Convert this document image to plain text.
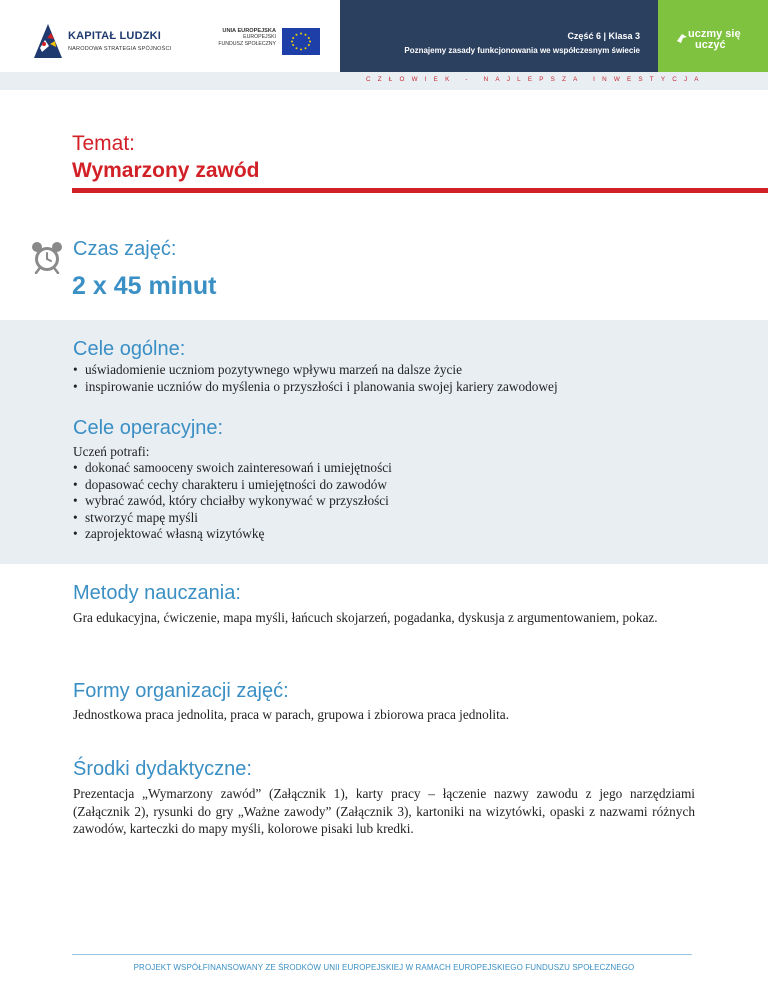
KAPITAŁ LUDZKI
NARODOWA STRATEGIA SPÓJNOŚCI
UNIA EUROPEJSKA
EUROPEJSKI
FUNDUSZ SPOŁECZNY
Część 6 | Klasa 3
Poznajemy zasady funkcjonowania we współczesnym świecie
uczmy się
uczyć
CZŁOWIEK - NAJLEPSZA INWESTYCJA
Temat:
Wymarzony zawód
Czas zajęć:
2 x 45 minut
Cele ogólne:
• uświadomienie uczniom pozytywnego wpływu marzeń na dalsze życie
• inspirowanie uczniów do myślenia o przyszłości i planowania swojej kariery zawodowej
Cele operacyjne:
Uczeń potrafi:
• dokonać samooceny swoich zainteresowań i umiejętności
• dopasować cechy charakteru i umiejętności do zawodów
• wybrać zawód, który chciałby wykonywać w przyszłości
• stworzyć mapę myśli
• zaprojektować własną wizytówkę
Metody nauczania:
Gra edukacyjna, ćwiczenie, mapa myśli, łańcuch skojarzeń, pogadanka, dyskusja z argumentowaniem, pokaz.
Formy organizacji zajęć:
Jednostkowa praca jednolita, praca w parach, grupowa i zbiorowa praca jednolita.
Środki dydaktyczne:
Prezentacja „Wymarzony zawód” (Załącznik 1), karty pracy – łączenie nazwy zawodu z jego narzędziami (Załącznik 2), rysunki do gry „Ważne zawody” (Załącznik 3), kartoniki na wizytówki, opaski z nazwami różnych zawodów, karteczki do mapy myśli, kolorowe pisaki lub kredki.
PROJEKT WSPÓŁFINANSOWANY ZE ŚRODKÓW UNII EUROPEJSKIEJ W RAMACH EUROPEJSKIEGO FUNDUSZU SPOŁECZNEGO
